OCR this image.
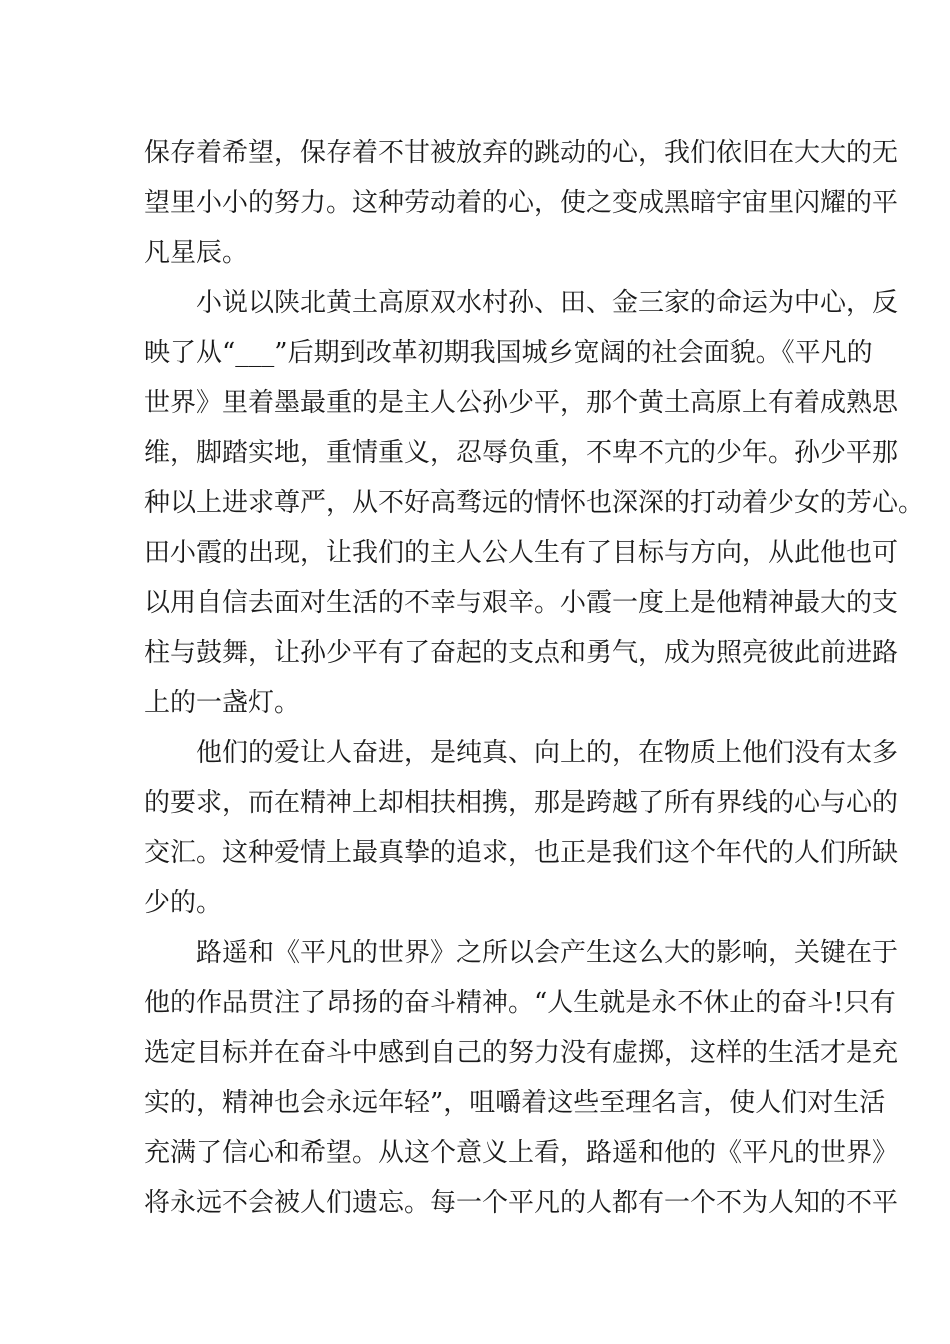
保存着希望，保存着不甘被放弃的跳动的心，我们依旧在大大的无
望里小小的努力。这种劳动着的心，使之变成黑暗宇宙里闪耀的平
凡星辰。
小说以陕北黄土高原双水村孙、田、金三家的命运为中心，反
映了从“___”后期到改革初期我国城乡宽阔的社会面貌。《平凡的
世界》里着墨最重的是主人公孙少平，那个黄土高原上有着成熟思
维，脚踏实地，重情重义，忍辱负重，不卑不亢的少年。孙少平那
种以上进求尊严，从不好高骛远的情怀也深深的打动着少女的芳心。
田小霞的出现，让我们的主人公人生有了目标与方向，从此他也可
以用自信去面对生活的不幸与艰辛。小霞一度上是他精神最大的支
柱与鼓舞，让孙少平有了奋起的支点和勇气，成为照亮彼此前进路
上的一盏灯。
他们的爱让人奋进，是纯真、向上的，在物质上他们没有太多
的要求，而在精神上却相扶相携，那是跨越了所有界线的心与心的
交汇。这种爱情上最真挚的追求，也正是我们这个年代的人们所缺
少的。
路遥和《平凡的世界》之所以会产生这么大的影响，关键在于
他的作品贯注了昂扬的奋斗精神。“人生就是永不休止的奋斗!只有
选定目标并在奋斗中感到自己的努力没有虚掷，这样的生活才是充
实的，精神也会永远年轻”，咀嚼着这些至理名言，使人们对生活
充满了信心和希望。从这个意义上看，路遥和他的《平凡的世界》
将永远不会被人们遗忘。每一个平凡的人都有一个不为人知的不平
